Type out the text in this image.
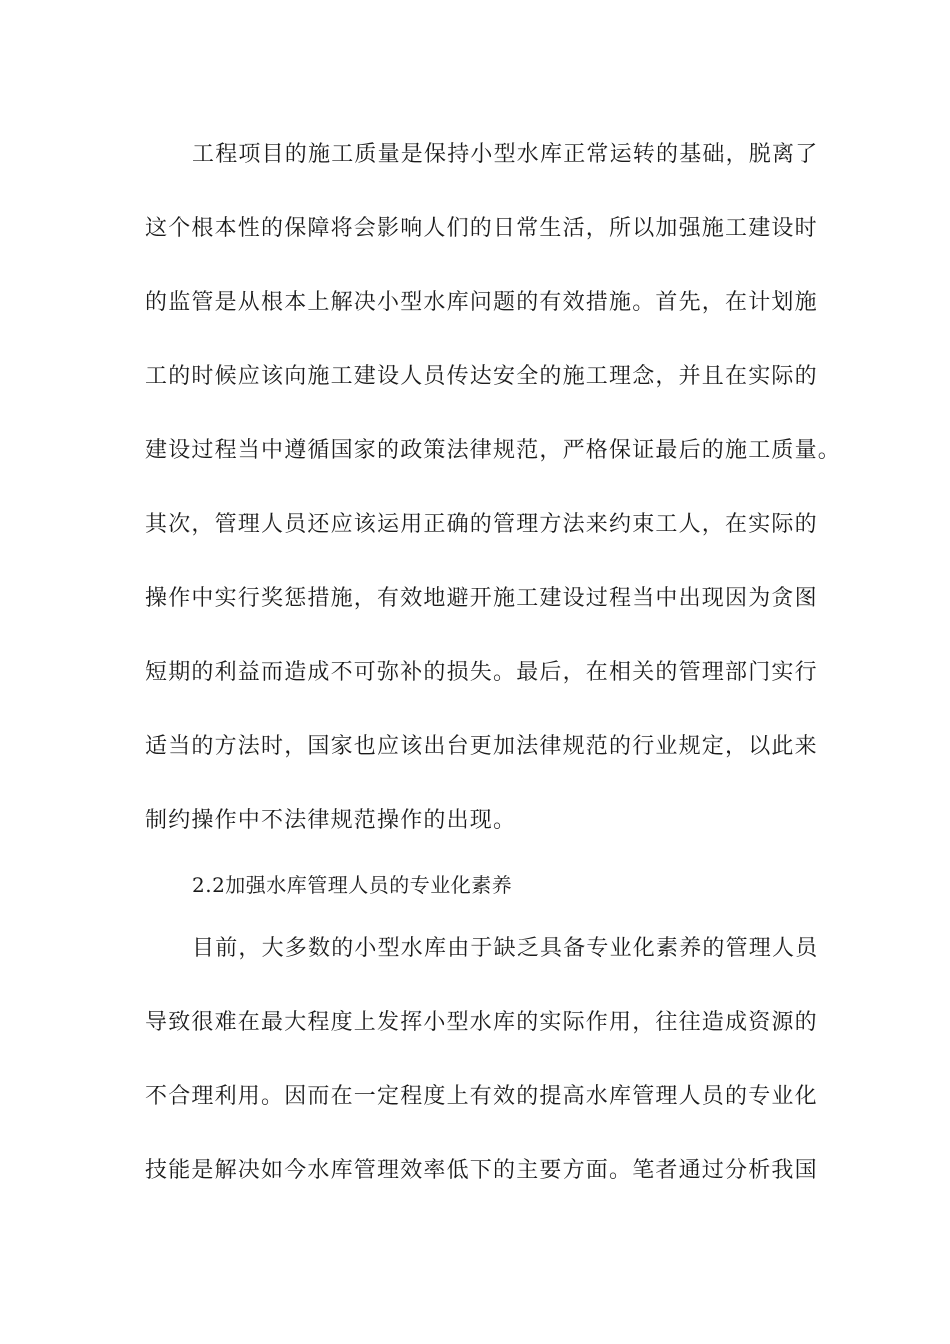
工程项目的施工质量是保持小型水库正常运转的基础，脱离了
这个根本性的保障将会影响人们的日常生活，所以加强施工建设时
的监管是从根本上解决小型水库问题的有效措施。首先，在计划施
工的时候应该向施工建设人员传达安全的施工理念，并且在实际的
建设过程当中遵循国家的政策法律规范，严格保证最后的施工质量。
其次，管理人员还应该运用正确的管理方法来约束工人，在实际的
操作中实行奖惩措施，有效地避开施工建设过程当中出现因为贪图
短期的利益而造成不可弥补的损失。最后，在相关的管理部门实行
适当的方法时，国家也应该出台更加法律规范的行业规定，以此来
制约操作中不法律规范操作的出现。
2.2加强水库管理人员的专业化素养
目前，大多数的小型水库由于缺乏具备专业化素养的管理人员
导致很难在最大程度上发挥小型水库的实际作用，往往造成资源的
不合理利用。因而在一定程度上有效的提高水库管理人员的专业化
技能是解决如今水库管理效率低下的主要方面。笔者通过分析我国
